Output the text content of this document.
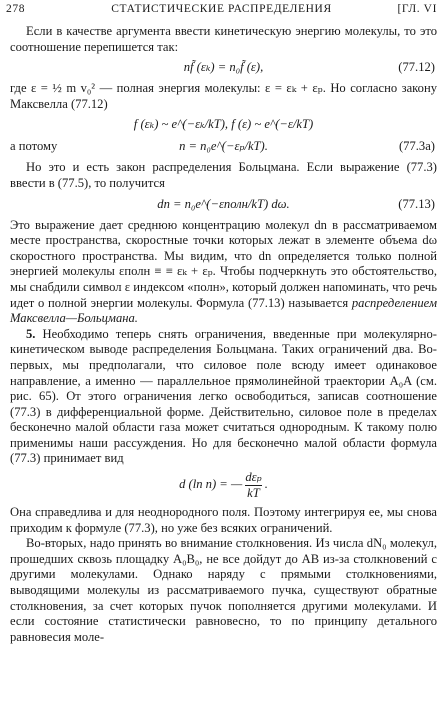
278	СТАТИСТИЧЕСКИЕ РАСПРЕДЕЛЕНИЯ	[ГЛ. VI

Если в качестве аргумента ввести кинетическую энергию молекулы, то это соотношение перепишется так:

nf̃ (εₖ) = n₀f̃ (ε),	(77.12)

где ε = ½ m v₀² — полная энергия молекулы: ε = εₖ + εₚ. Но согласно закону Максвелла (77.12)

f (εₖ) ~ e^(−εₖ/kT), f (ε) ~ e^(−ε/kT)
а потому	n = n₀e^(−εₚ/kT).	(77.3а)

Но это и есть закон распределения Больцмана. Если выражение (77.3) ввести в (77.5), то получится

dn = n₀e^(−εполн/kT) dω.	(77.13)

Это выражение дает среднюю концентрацию молекул dn в рассматриваемом месте пространства, скоростные точки которых лежат в элементе объема dω скоростного пространства. Мы видим, что dn определяется только полной энергией молекулы εполн ≡ ≡ εₖ + εₚ. Чтобы подчеркнуть это обстоятельство, мы снабдили символ ε индексом «полн», который должен напоминать, что речь идет о полной энергии молекулы. Формула (77.13) называется распределением Максвелла—Больцмана.

5. Необходимо теперь снять ограничения, введенные при молекулярно-кинетическом выводе распределения Больцмана. Таких ограничений два. Во-первых, мы предполагали, что силовое поле всюду имеет одинаковое направление, а именно — параллельное прямолинейной траектории A₀A (см. рис. 65). От этого ограничения легко освободиться, записав соотношение (77.3) в дифференциальной форме. Действительно, силовое поле в пределах бесконечно малой области газа может считаться однородным. К такому полю применимы наши рассуждения. Но для бесконечно малой области формула (77.3) принимает вид

d (ln n) = — $\frac{\text{dεₚ}}{kT}$ .

Она справедлива и для неоднородного поля. Поэтому интегрируя ее, мы снова приходим к формуле (77.3), но уже без всяких ограничений.

Во-вторых, надо принять во внимание столкновения. Из числа dN₀ молекул, прошедших сквозь площадку A₀B₀, не все дойдут до AB из-за столкновений с другими молекулами. Однако наряду с прямыми столкновениями, выводящими молекулы из рассматриваемого пучка, существуют обратные столкновения, за счет которых пучок пополняется другими молекулами. И если состояние статистически равновесно, то по принципу детального равновесия моле-
